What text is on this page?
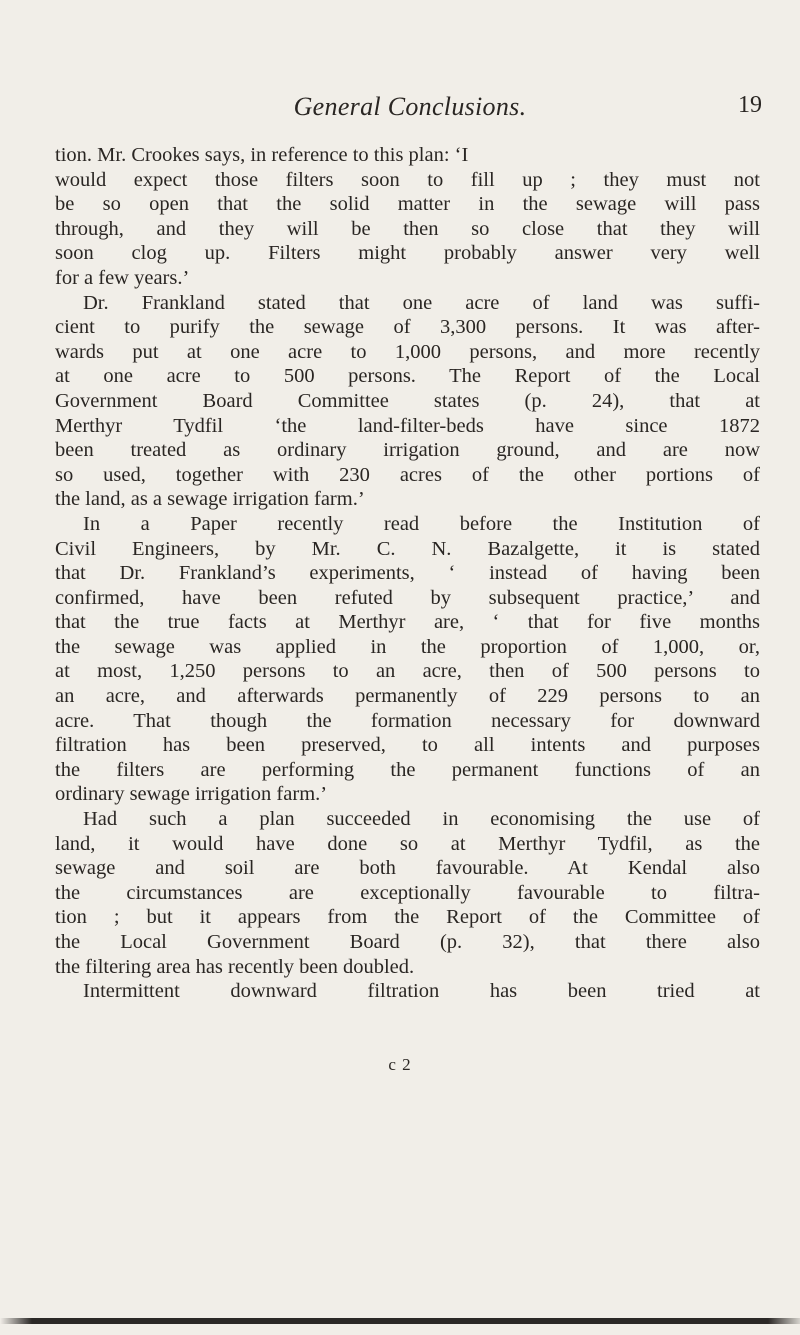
General Conclusions.	19
tion. Mr. Crookes says, in reference to this plan: ‘I
would expect those filters soon to fill up ; they must not
be so open that the solid matter in the sewage will pass
through, and they will be then so close that they will
soon clog up. Filters might probably answer very well
for a few years.’
Dr. Frankland stated that one acre of land was suffi-
cient to purify the sewage of 3,300 persons. It was after-
wards put at one acre to 1,000 persons, and more recently
at one acre to 500 persons. The Report of the Local
Government Board Committee states (p. 24), that at
Merthyr Tydfil ‘the land-filter-beds have since 1872
been treated as ordinary irrigation ground, and are now
so used, together with 230 acres of the other portions of
the land, as a sewage irrigation farm.’
In a Paper recently read before the Institution of
Civil Engineers, by Mr. C. N. Bazalgette, it is stated
that Dr. Frankland’s experiments, ‘ instead of having been
confirmed, have been refuted by subsequent practice,’ and
that the true facts at Merthyr are, ‘ that for five months
the sewage was applied in the proportion of 1,000, or,
at most, 1,250 persons to an acre, then of 500 persons to
an acre, and afterwards permanently of 229 persons to an
acre. That though the formation necessary for downward
filtration has been preserved, to all intents and purposes
the filters are performing the permanent functions of an
ordinary sewage irrigation farm.’
Had such a plan succeeded in economising the use of
land, it would have done so at Merthyr Tydfil, as the
sewage and soil are both favourable. At Kendal also
the circumstances are exceptionally favourable to filtra-
tion ; but it appears from the Report of the Committee of
the Local Government Board (p. 32), that there also
the filtering area has recently been doubled.
Intermittent downward filtration has been tried at
c 2
